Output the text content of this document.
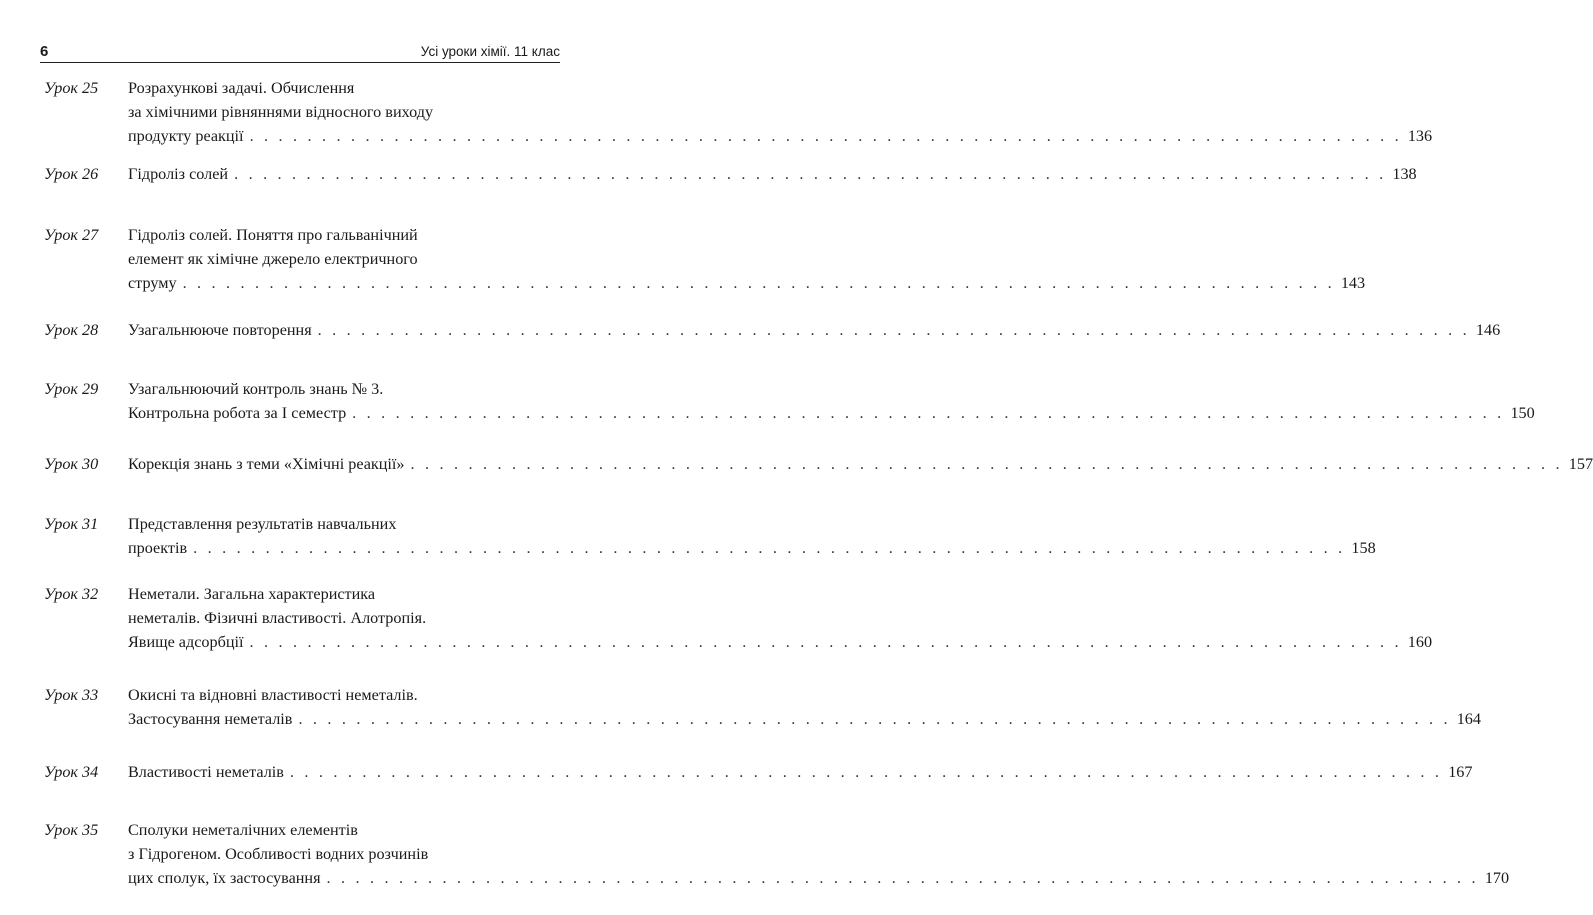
6	Усі уроки хімії. 11 клас
Урок 25 Розрахункові задачі. Обчислення
за хімічними рівняннями відносного виходу
продукту реакції . . . . . . . . . . . . . . . . . . . . . . . . . . . . . . . . . . . . . . . . . . . . . . . . . . . . . . . . . . . . . . . . . . . . . . . . . . . . . . . . 136
Урок 26 Гідроліз солей . . . . . . . . . . . . . . . . . . . . . . . . . . . . . . . . . . . . . . . . . . . . . . . . . . . . . . . . . . . . . . . . . . . . . . . . . . . . . . . . 138
Урок 27 Гідроліз солей. Поняття про гальванічний
елемент як хімічне джерело електричного
струму . . . . . . . . . . . . . . . . . . . . . . . . . . . . . . . . . . . . . . . . . . . . . . . . . . . . . . . . . . . . . . . . . . . . . . . . . . . . . . . . 143
Урок 28 Узагальнююче повторення . . . . . . . . . . . . . . . . . . . . . . . . . . . . . . . . . . . . . . . . . . . . . . . . . . . . . . . . . . . . . . . . . . . . . . . . . . . . . . . . 146
Урок 29 Узагальнюючий контроль знань № 3.
Контрольна робота за І семестр . . . . . . . . . . . . . . . . . . . . . . . . . . . . . . . . . . . . . . . . . . . . . . . . . . . . . . . . . . . . . . . . . . . . . . . . . . . . . . . . 150
Урок 30 Корекція знань з теми «Хімічні реакції» . . . . . . . . . . . . . . . . . . . . . . . . . . . . . . . . . . . . . . . . . . . . . . . . . . . . . . . . . . . . . . . . . . . . . . . . . . . . . . . . 157
Урок 31 Представлення результатів навчальних
проектів . . . . . . . . . . . . . . . . . . . . . . . . . . . . . . . . . . . . . . . . . . . . . . . . . . . . . . . . . . . . . . . . . . . . . . . . . . . . . . . . 158
Урок 32 Неметали. Загальна характеристика
неметалів. Фізичні властивості. Алотропія.
Явище адсорбції . . . . . . . . . . . . . . . . . . . . . . . . . . . . . . . . . . . . . . . . . . . . . . . . . . . . . . . . . . . . . . . . . . . . . . . . . . . . . . . . 160
Урок 33 Окисні та відновні властивості неметалів.
Застосування неметалів . . . . . . . . . . . . . . . . . . . . . . . . . . . . . . . . . . . . . . . . . . . . . . . . . . . . . . . . . . . . . . . . . . . . . . . . . . . . . . . . 164
Урок 34 Властивості неметалів . . . . . . . . . . . . . . . . . . . . . . . . . . . . . . . . . . . . . . . . . . . . . . . . . . . . . . . . . . . . . . . . . . . . . . . . . . . . . . . . 167
Урок 35 Сполуки неметалічних елементів
з Гідрогеном. Особливості водних розчинів
цих сполук, їх застосування . . . . . . . . . . . . . . . . . . . . . . . . . . . . . . . . . . . . . . . . . . . . . . . . . . . . . . . . . . . . . . . . . . . . . . . . . . . . . . . . 170
